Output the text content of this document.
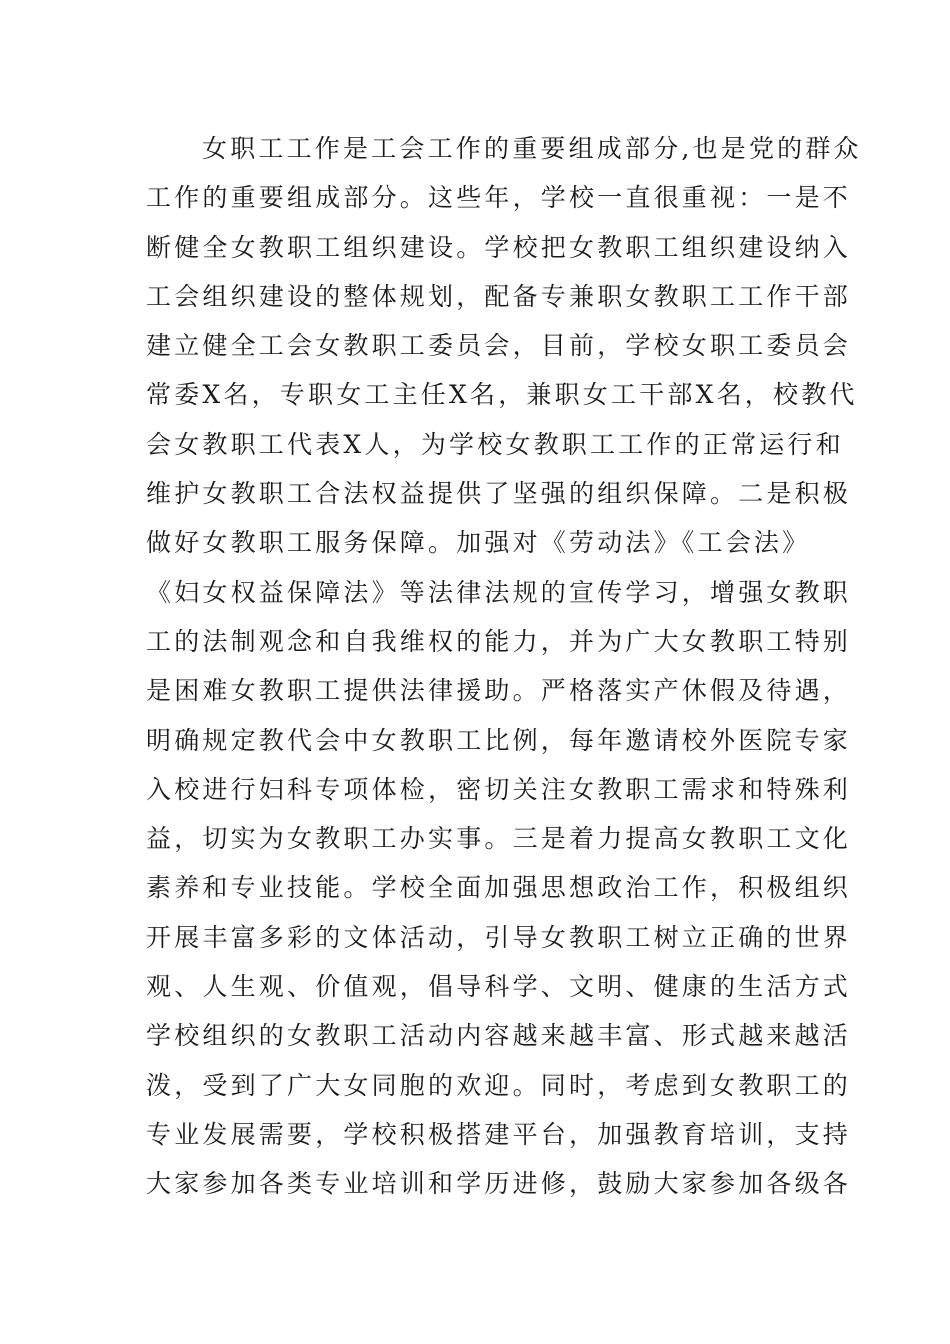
女职工工作是工会工作的重要组成部分,也是党的群众
工作的重要组成部分。这些年，学校一直很重视：一是不
断健全女教职工组织建设。学校把女教职工组织建设纳入
工会组织建设的整体规划，配备专兼职女教职工工作干部
建立健全工会女教职工委员会，目前，学校女职工委员会
常委X名，专职女工主任X名，兼职女工干部X名，校教代
会女教职工代表X人，为学校女教职工工作的正常运行和
维护女教职工合法权益提供了坚强的组织保障。二是积极
做好女教职工服务保障。加强对《劳动法》《工会法》
《妇女权益保障法》等法律法规的宣传学习，增强女教职
工的法制观念和自我维权的能力，并为广大女教职工特别
是困难女教职工提供法律援助。严格落实产休假及待遇，
明确规定教代会中女教职工比例，每年邀请校外医院专家
入校进行妇科专项体检，密切关注女教职工需求和特殊利
益，切实为女教职工办实事。三是着力提高女教职工文化
素养和专业技能。学校全面加强思想政治工作，积极组织
开展丰富多彩的文体活动，引导女教职工树立正确的世界
观、人生观、价值观，倡导科学、文明、健康的生活方式
学校组织的女教职工活动内容越来越丰富、形式越来越活
泼，受到了广大女同胞的欢迎。同时，考虑到女教职工的
专业发展需要，学校积极搭建平台，加强教育培训，支持
大家参加各类专业培训和学历进修，鼓励大家参加各级各
